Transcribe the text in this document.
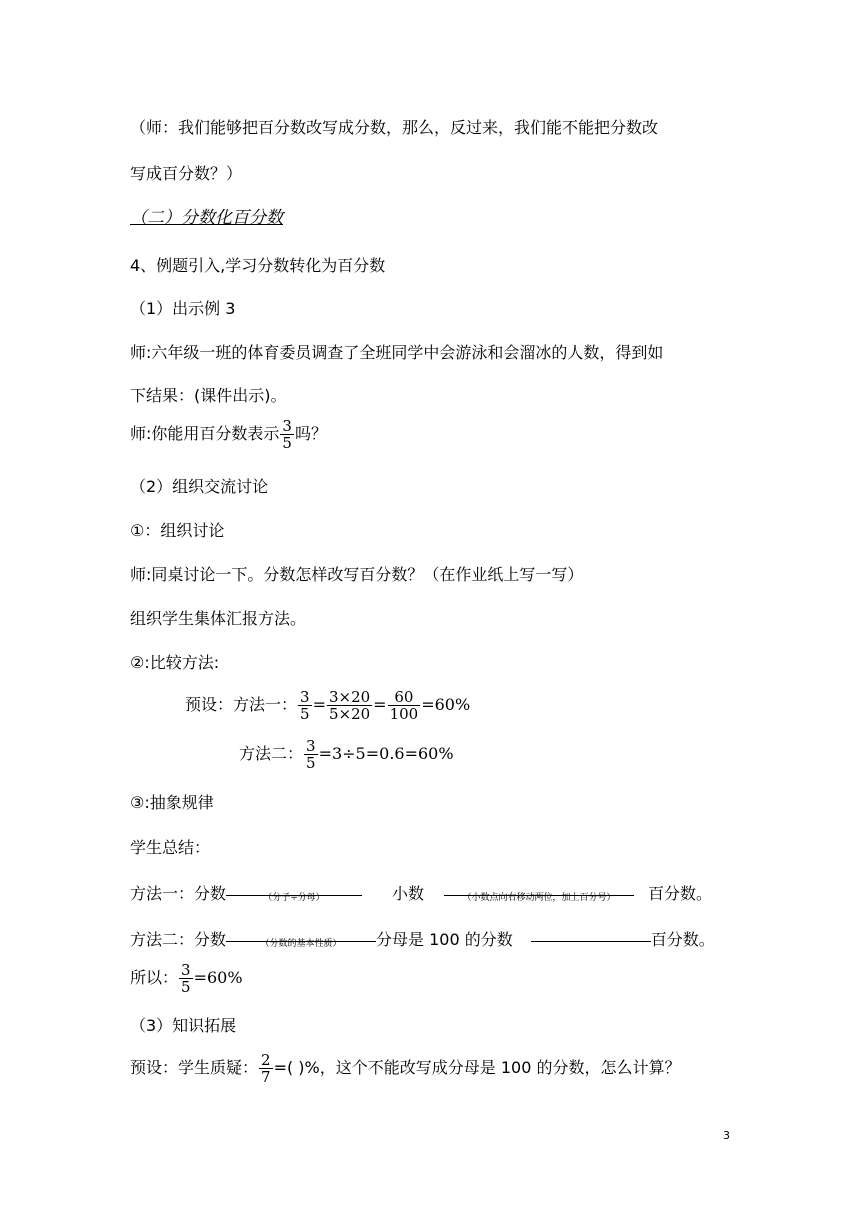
（师：我们能够把百分数改写成分数，那么，反过来，我们能不能把分数改
写成百分数？）
（二）分数化百分数
4、例题引入,学习分数转化为百分数
（1）出示例 3
师:六年级一班的体育委员调查了全班同学中会游泳和会溜冰的人数，得到如
下结果：(课件出示)。
师:你能用百分数表示 $\frac{3}{5}$ 吗？
（2）组织交流讨论
①：组织讨论
师:同桌讨论一下。分数怎样改写百分数？（在作业纸上写一写）
组织学生集体汇报方法。
②:比较方法:
预设：方法一： $\frac{3}{5} = \frac{3\times 20}{5\times 20} = \frac{60}{100} =60\%$
方法二： $\frac{3}{5} =3\div 5=0.6=60\%$
③:抽象规律
学生总结：
方法一：分数	（分子÷分母）	小数	（小数点向右移动两位，加上百分号） 百分数。
方法二：分数	（分数的基本性质） 分母是 100 的分数	百分数。
所以： $\frac{3}{5} =60\%$
（3）知识拓展
预设：学生质疑： $\frac{2}{7}$ =( )%，这个不能改写成分母是 100 的分数，怎么计算？
3
